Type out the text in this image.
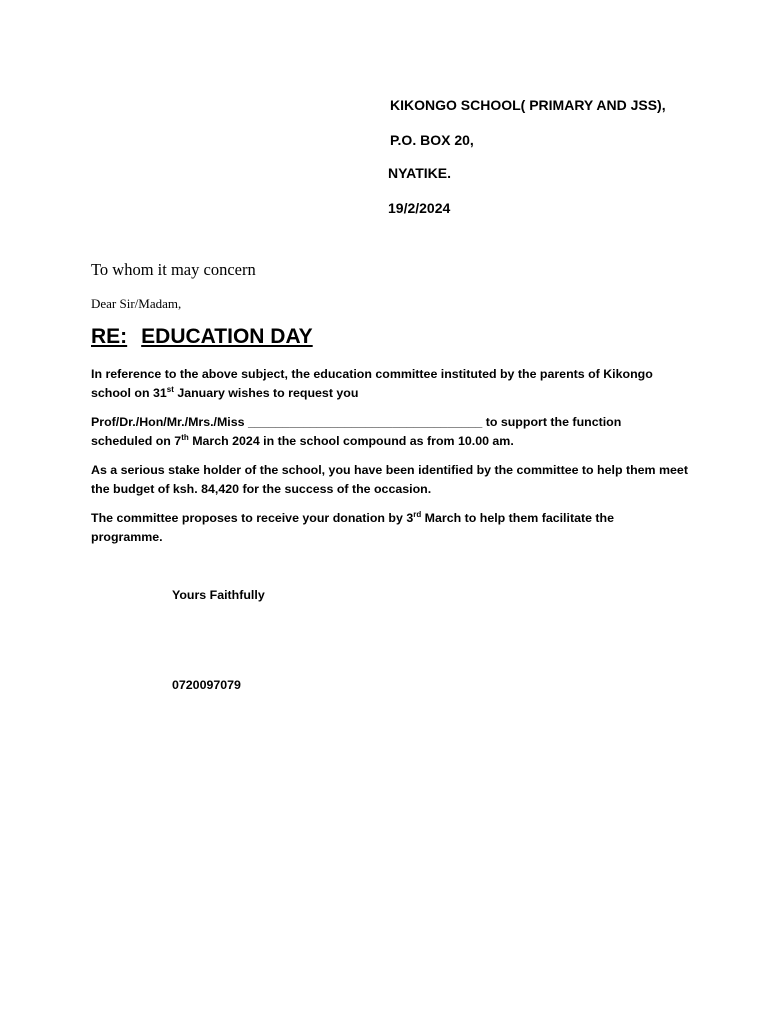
KIKONGO SCHOOL( PRIMARY AND JSS),
P.O. BOX 20,
NYATIKE.
19/2/2024
To whom it may concern
Dear Sir/Madam,
RE: EDUCATION DAY
In reference to the above subject, the education committee instituted by the parents of Kikongo school on 31st January wishes to request you
Prof/Dr./Hon/Mr./Mrs./Miss __________________________________ to support the function scheduled on 7th March 2024 in the school compound as from 10.00 am.
As a serious stake holder of the school, you have been identified by the committee to help them meet the budget of ksh. 84,420 for the success of the occasion.
The committee proposes to receive your donation by 3rd March to help them facilitate the programme.
Yours Faithfully
0720097079
